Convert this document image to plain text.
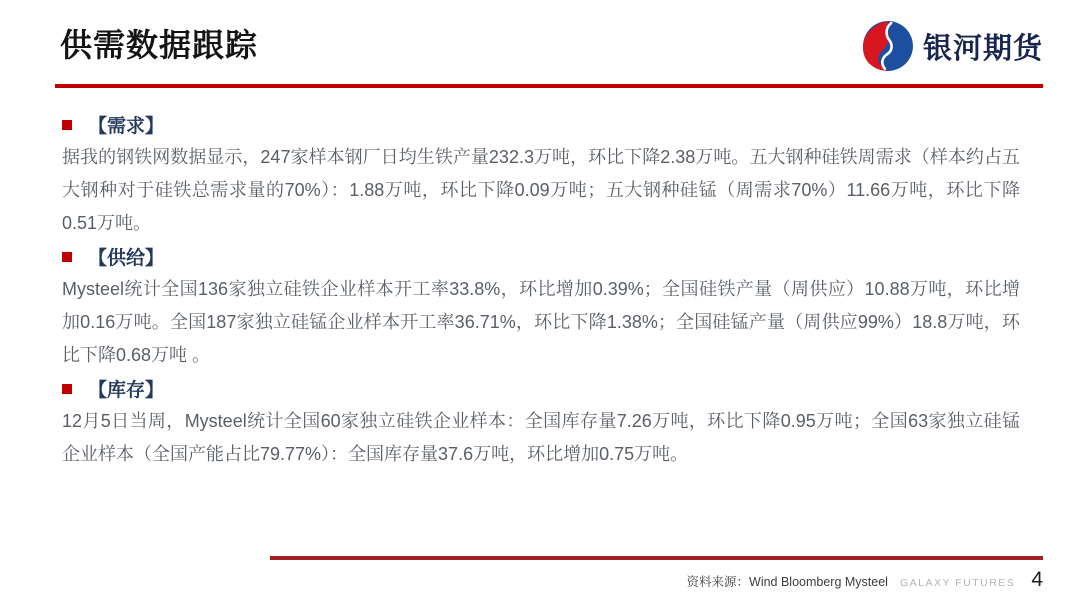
供需数据跟踪	银河期货
【需求】

据我的钢铁网数据显示，247家样本钢厂日均生铁产量232.3万吨，环比下降2.38万吨。五大钢种硅铁周需求（样本约占五大钢种对于硅铁总需求量的70%）：1.88万吨，环比下降0.09万吨；五大钢种硅锰（周需求70%）11.66万吨，环比下降0.51万吨。

【供给】

Mysteel统计全国136家独立硅铁企业样本开工率33.8%，环比增加0.39%；全国硅铁产量（周供应）10.88万吨，环比增加0.16万吨。全国187家独立硅锰企业样本开工率36.71%，环比下降1.38%；全国硅锰产量（周供应99%）18.8万吨，环比下降0.68万吨 。

【库存】

12月5日当周，Mysteel统计全国60家独立硅铁企业样本：全国库存量7.26万吨，环比下降0.95万吨；全国63家独立硅锰企业样本（全国产能占比79.77%）：全国库存量37.6万吨，环比增加0.75万吨。

资料来源：Wind Bloomberg Mysteel GALAXY FUTURES 4
